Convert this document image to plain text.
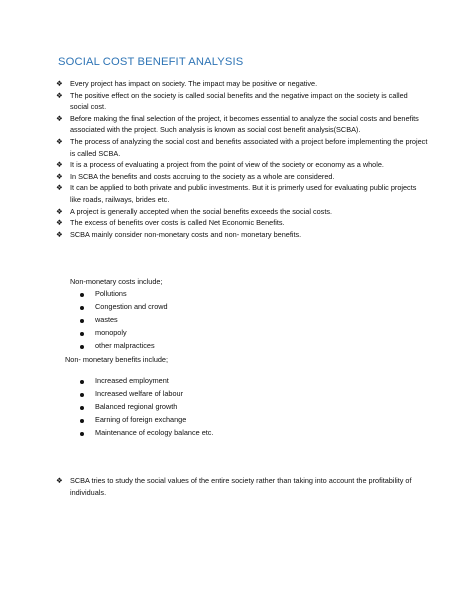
SOCIAL COST BENEFIT ANALYSIS
❖ Every project has impact on society. The impact may be positive or negative.
❖ The positive effect on the society is called social benefits and the negative impact on the society is called social cost.
❖ Before making the final selection of the project, it becomes essential to analyze the social costs and benefits associated with the project. Such analysis is known as social cost benefit analysis(SCBA).
❖ The process of analyzing the social cost and benefits associated with a project before implementing the project is called SCBA.
❖ It is a process of evaluating a project from the point of view of the society or economy as a whole.
❖ In SCBA the benefits and costs accruing to the society as a whole are considered.
❖ It can be applied to both private and public investments. But it is primerly used for evaluating public projects like roads, railways, brides etc.
❖ A project is generally accepted when the social benefits exceeds the social costs.
❖ The excess of benefits over costs is called Net Economic Benefits.
❖ SCBA mainly consider non-monetary costs and non- monetary benefits.
Non-monetary costs include;
Pollutions
Congestion and crowd
wastes
monopoly
other malpractices
Non- monetary benefits include;
Increased employment
Increased welfare of labour
Balanced regional growth
Earning of foreign exchange
Maintenance of ecology balance etc.
❖ SCBA tries to study the social values of the entire society rather than taking into account the profitability of individuals.
